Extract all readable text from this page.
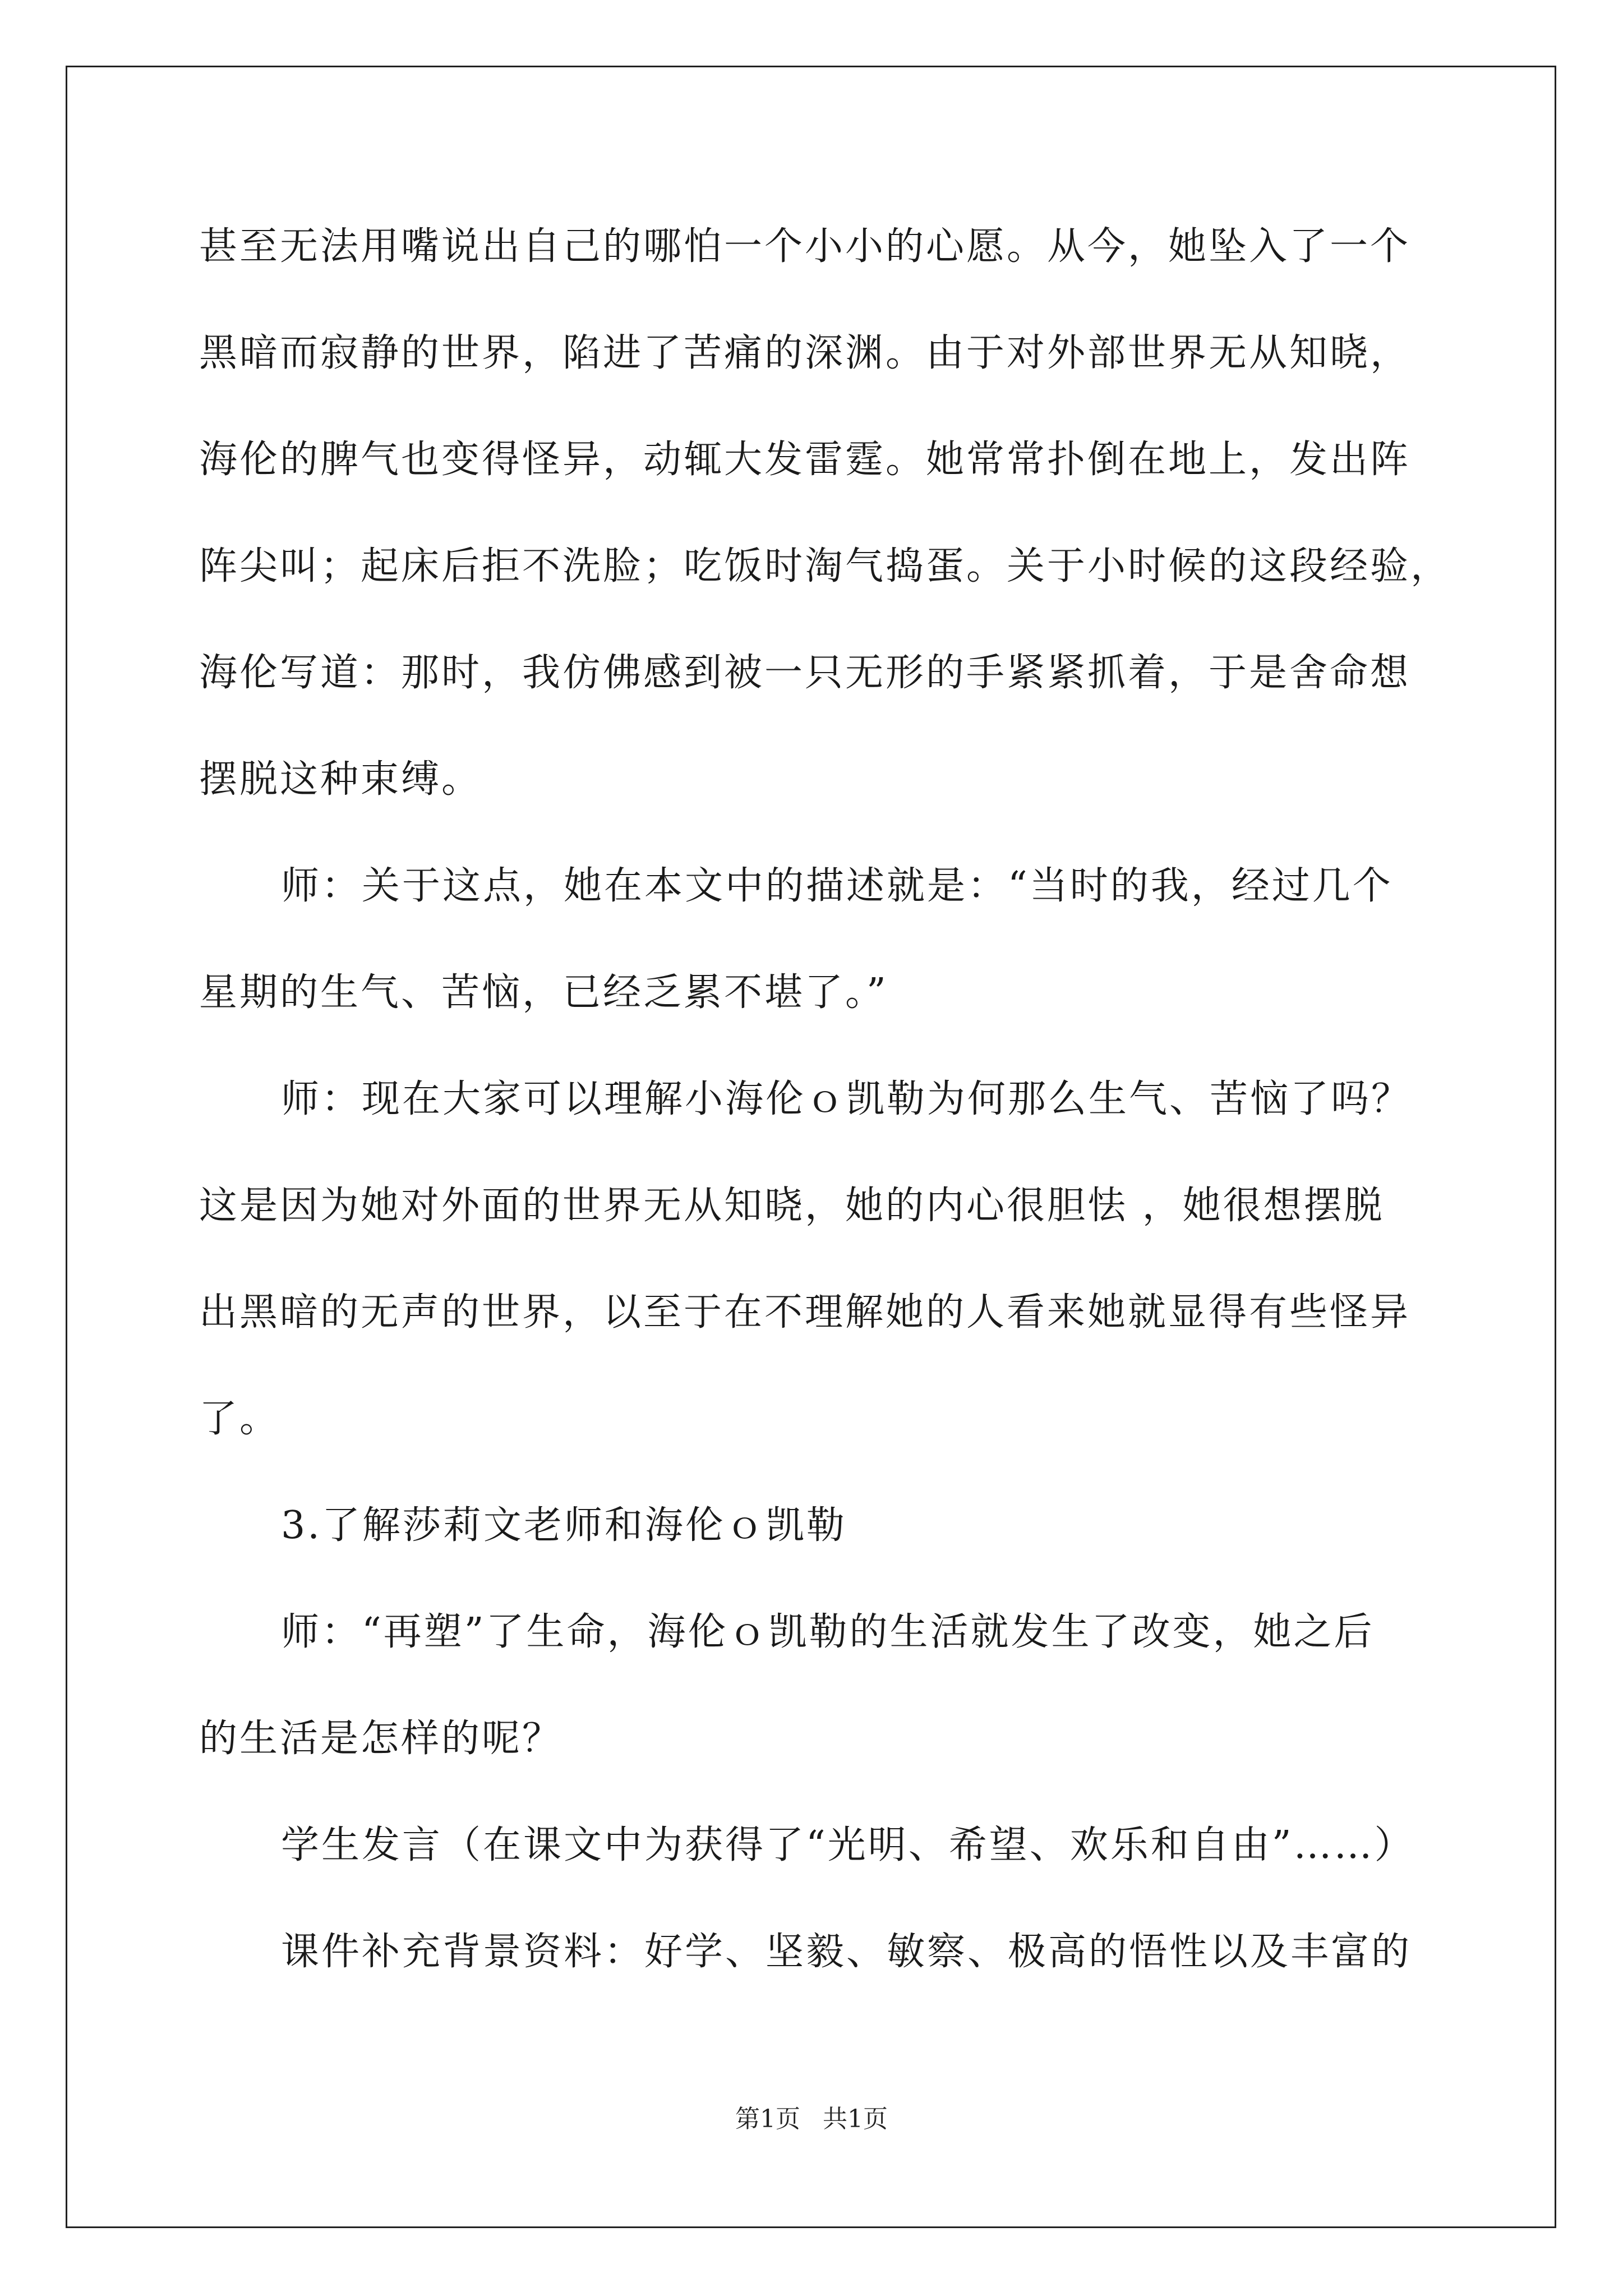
甚至无法用嘴说出自己的哪怕一个小小的心愿。从今，她坠入了一个
黑暗而寂静的世界，陷进了苦痛的深渊。由于对外部世界无从知晓，
海伦的脾气也变得怪异，动辄大发雷霆。她常常扑倒在地上，发出阵
阵尖叫；起床后拒不洗脸；吃饭时淘气捣蛋。关于小时候的这段经验，
海伦写道：那时，我仿佛感到被一只无形的手紧紧抓着，于是舍命想
摆脱这种束缚。
师：关于这点，她在本文中的描述就是：“当时的我，经过几个
星期的生气、苦恼，已经乏累不堪了。”
师：现在大家可以理解小海伦ｏ凯勒为何那么生气、苦恼了吗？
这是因为她对外面的世界无从知晓，她的内心很胆怯 ，她很想摆脱
出黑暗的无声的世界，以至于在不理解她的人看来她就显得有些怪异
了。
3.了解莎莉文老师和海伦ｏ凯勒
师：“再塑”了生命，海伦ｏ凯勒的生活就发生了改变，她之后
的生活是怎样的呢？
学生发言（在课文中为获得了“光明、希望、欢乐和自由”……）
课件补充背景资料：好学、坚毅、敏察、极高的悟性以及丰富的
第1页 共1页
